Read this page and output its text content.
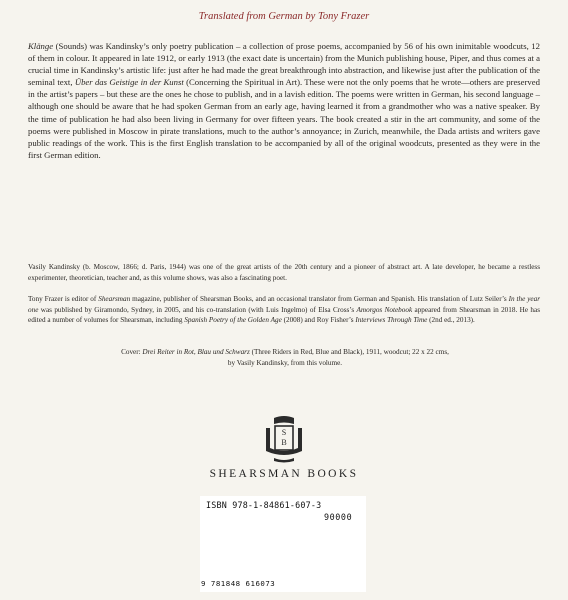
Translated from German by Tony Frazer

Klänge (Sounds) was Kandinsky’s only poetry publication – a collection of prose poems, accompanied by 56 of his own inimitable woodcuts, 12 of them in colour. It appeared in late 1912, or early 1913 (the exact date is uncertain) from the Munich publishing house, Piper, and thus comes at a crucial time in Kandinsky’s artistic life: just after he had made the great breakthrough into abstraction, and likewise just after the publication of the seminal text, Über das Geistige in der Kunst (Concerning the Spiritual in Art). These were not the only poems that he wrote—others are preserved in the artist’s papers – but these are the ones he chose to publish, and in a lavish edition. The poems were written in German, his second language – although one should be aware that he had spoken German from an early age, having learned it from a grandmother who was a native speaker. By the time of publication he had also been living in Germany for over fifteen years. The book created a stir in the art community, and some of the poems were published in Moscow in pirate translations, much to the author’s annoyance; in Zurich, meanwhile, the Dada artists and writers gave public readings of the work. This is the first English translation to be accompanied by all of the original woodcuts, presented as they were in the first German edition.

Vasily Kandinsky (b. Moscow, 1866; d. Paris, 1944) was one of the great artists of the 20th century and a pioneer of abstract art. A late developer, he became a restless experimenter, theoretician, teacher and, as this volume shows, was also a fascinating poet.

Tony Frazer is editor of Shearsman magazine, publisher of Shearsman Books, and an occasional translator from German and Spanish. His translation of Lutz Seiler’s In the year one was published by Giramondo, Sydney, in 2005, and his co-translation (with Luis Ingelmo) of Elsa Cross’s Amorgos Notebook appeared from Shearsman in 2018. He has edited a number of volumes for Shearsman, including Spanish Poetry of the Golden Age (2008) and Roy Fisher’s Interviews Through Time (2nd ed., 2013).

Cover: Drei Reiter in Rot, Blau und Schwarz (Three Riders in Red, Blue and Black), 1911, woodcut; 22 x 22 cms,
by Vasily Kandinsky, from this volume.

S
B
SHEARSMAN BOOKS
ISBN 978-1-84861-607-3
90000
9 781848 616073
